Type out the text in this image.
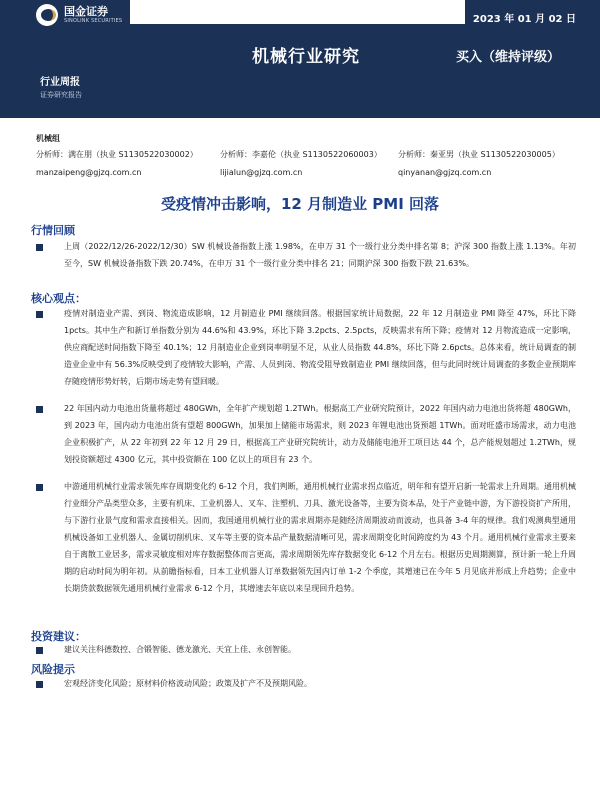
国金证券
SINOLINK SECURITIES	2023 年 01 月 02 日
机械行业研究	买入（维持评级）
行业周报
证券研究报告
机械组
分析师：满在朋（执业 S1130522030002）	分析师：李嘉伦（执业 S1130522060003） 分析师：秦亚男（执业 S1130522030005）
manzaipeng@gjzq.com.cn	lijialun@gjzq.com.cn	qinyanan@gjzq.com.cn
受疫情冲击影响，12 月制造业 PMI 回落
行情回顾
上周（2022/12/26-2022/12/30）SW 机械设备指数上涨 1.98%，在申万 31 个一级行业分类中排名第 8；沪深 300 指数上涨 1.13%。年初至今，SW 机械设备指数下跌 20.74%，在申万 31 个一级行业分类中排名 21；同期沪深 300 指数下跌 21.63%。
核心观点：
疫情对制造业产需、到岗、物流造成影响，12 月制造业 PMI 继续回落。根据国家统计局数据，22 年 12 月制造业 PMI 降至 47%，环比下降 1pcts。其中生产和新订单指数分别为 44.6%和 43.9%，环比下降 3.2pcts、2.5pcts，反映需求有所下降；疫情对 12 月物流造成一定影响，供应商配送时间指数下降至 40.1%；12 月制造业企业到岗率明显不足，从业人员指数 44.8%，环比下降 2.6pcts。总体来看，统计局调查的制造业企业中有 56.3%反映受到了疫情较大影响，产需、人员到岗、物流受阻导致制造业 PMI 继续回落，但与此同时统计局调查的多数企业预期库存随疫情形势好转，后期市场走势有望回暖。
22 年国内动力电池出货量将超过 480GWh，全年扩产规划超 1.2TWh。根据高工产业研究院预计，2022 年国内动力电池出货将超 480GWh，到 2023 年，国内动力电池出货有望超 800GWh，加果加上储能市场需求，则 2023 年锂电池出货预超 1TWh。面对旺盛市场需求，动力电池企业积极扩产，从 22 年初到 22 年 12 月 29 日，根据高工产业研究院统计，动力及储能电池开工项目达 44 个，总产能规划超过 1.2TWh，规划投资额超过 4300 亿元，其中投资额在 100 亿以上的项目有 23 个。
中游通用机械行业需求领先库存周期变化约 6-12 个月，我们判断，通用机械行业需求拐点临近，明年和有望开启新一轮需求上升周期。通用机械行业细分产品类型众多，主要有机床、工业机器人、叉车、注塑机、刀具、激光设备等，主要为资本品，处于产业链中游，为下游投资扩产所用，与下游行业景气度和需求直接相关。因而，我国通用机械行业的需求周期亦是随经济周期波动而波动，也具备 3-4 年的规律。我们观测典型通用机械设备如工业机器人、金属切削机床、叉车等主要的资本品产量数据清晰可见，需求周期变化时间跨度约为 43 个月。通用机械行业需求主要来自于离散工业居多，需求灵敏度相对库存数据整体而言更高，需求周期领先库存数据变化 6-12 个月左右。根据历史周期测算，预计新一轮上升周期的启动时间为明年初。从前瞻指标看，日本工业机器人订单数据领先国内订单 1-2 个季度，其增速已在今年 5 月见底并形成上升趋势；企业中长期贷款数据领先通用机械行业需求 6-12 个月，其增速去年底以来呈现回升趋势。
投资建议：
建议关注科德数控、合锻智能、德龙激光、天宜上佳、永创智能。
风险提示
宏观经济变化风险；原材料价格波动风险；政策及扩产不及预期风险。
